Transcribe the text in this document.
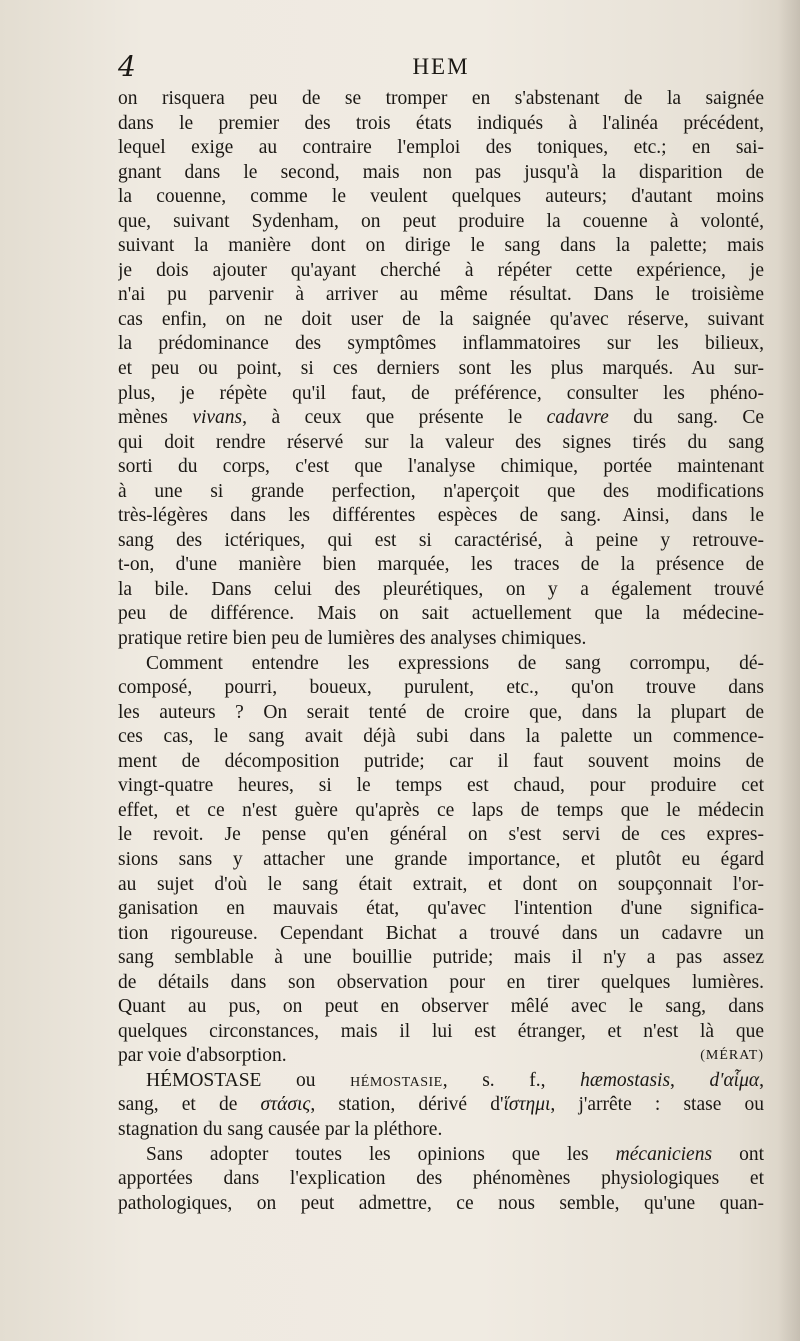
4	HEM
on risquera peu de se tromper en s'abstenant de la saignée
dans le premier des trois états indiqués à l'alinéa précédent,
lequel exige au contraire l'emploi des toniques, etc.; en sai-
gnant dans le second, mais non pas jusqu'à la disparition de
la couenne, comme le veulent quelques auteurs; d'autant moins
que, suivant Sydenham, on peut produire la couenne à volonté,
suivant la manière dont on dirige le sang dans la palette; mais
je dois ajouter qu'ayant cherché à répéter cette expérience, je
n'ai pu parvenir à arriver au même résultat. Dans le troisième
cas enfin, on ne doit user de la saignée qu'avec réserve, suivant
la prédominance des symptômes inflammatoires sur les bilieux,
et peu ou point, si ces derniers sont les plus marqués. Au sur-
plus, je répète qu'il faut, de préférence, consulter les phéno-
mènes vivans, à ceux que présente le cadavre du sang. Ce
qui doit rendre réservé sur la valeur des signes tirés du sang
sorti du corps, c'est que l'analyse chimique, portée maintenant
à une si grande perfection, n'aperçoit que des modifications
très-légères dans les différentes espèces de sang. Ainsi, dans le
sang des ictériques, qui est si caractérisé, à peine y retrouve-
t-on, d'une manière bien marquée, les traces de la présence de
la bile. Dans celui des pleurétiques, on y a également trouvé
peu de différence. Mais on sait actuellement que la médecine-
pratique retire bien peu de lumières des analyses chimiques.
Comment entendre les expressions de sang corrompu, dé-
composé, pourri, boueux, purulent, etc., qu'on trouve dans
les auteurs ? On serait tenté de croire que, dans la plupart de
ces cas, le sang avait déjà subi dans la palette un commence-
ment de décomposition putride; car il faut souvent moins de
vingt-quatre heures, si le temps est chaud, pour produire cet
effet, et ce n'est guère qu'après ce laps de temps que le médecin
le revoit. Je pense qu'en général on s'est servi de ces expres-
sions sans y attacher une grande importance, et plutôt eu égard
au sujet d'où le sang était extrait, et dont on soupçonnait l'or-
ganisation en mauvais état, qu'avec l'intention d'une significa-
tion rigoureuse. Cependant Bichat a trouvé dans un cadavre un
sang semblable à une bouillie putride; mais il n'y a pas assez
de détails dans son observation pour en tirer quelques lumières.
Quant au pus, on peut en observer mêlé avec le sang, dans
quelques circonstances, mais il lui est étranger, et n'est là que
par voie d'absorption.	(MÉRAT)
HÉMOSTASE ou hémostasie, s. f., hæmostasis, d'αἷμα,
sang, et de στάσις, station, dérivé d'ἵστημι, j'arrête : stase ou
stagnation du sang causée par la pléthore.
Sans adopter toutes les opinions que les mécaniciens ont
apportées dans l'explication des phénomènes physiologiques et
pathologiques, on peut admettre, ce nous semble, qu'une quan-
